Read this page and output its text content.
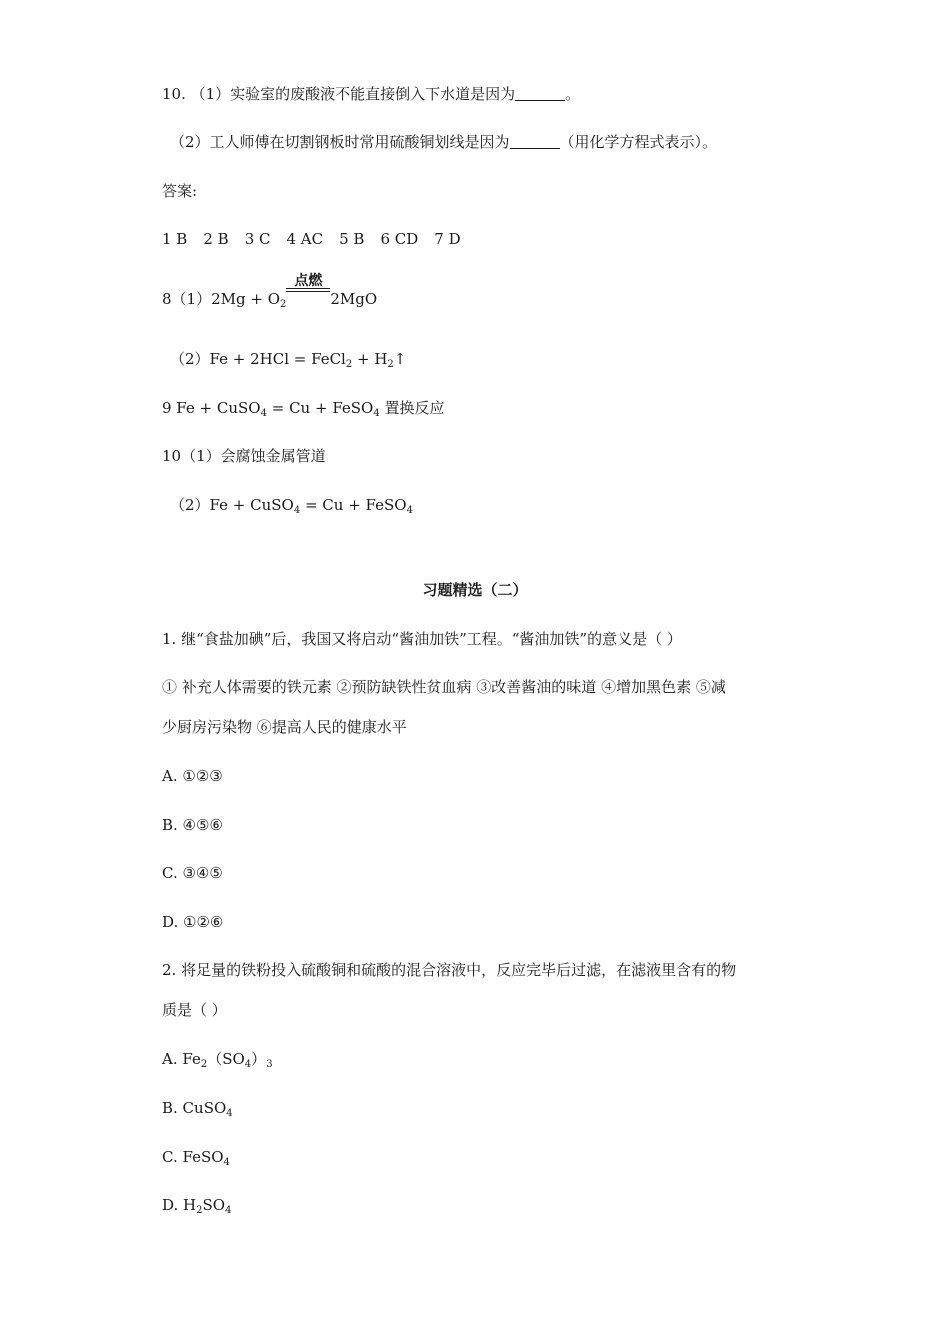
10. （1）实验室的废酸液不能直接倒入下水道是因为	。
（2）工人师傅在切割钢板时常用硫酸铜划线是因为	（用化学方程式表示）。
答案:
1 B 2 B 3 C 4 AC 5 B 6 CD 7 D
$8(1)2Mg + O_2$
点燃
2MgO
（2）Fe + 2HCl = FeCl$_2$ + $H_2↑$
9 Fe + CuSO$_4$ = Cu + FeSO$_4$ 置换反应
10（1）会腐蚀金属管道
（2）Fe + CuSO$_4$ = Cu + FeSO$_4$
习题精选（二）
1. 继“食盐加碘”后，我国又将启动“酱油加铁”工程。“酱油加铁”的意义是（ ）
① 补充人体需要的铁元素 ②预防缺铁性贫血病 ③改善酱油的味道 ④增加黑色素 ⑤减
少厨房污染物 ⑥提高人民的健康水平
A. ①②③
B. ④⑤⑥
C. ③④⑤
D. ①②⑥
2. 将足量的铁粉投入硫酸铜和硫酸的混合溶液中，反应完毕后过滤，在滤液里含有的物
质是（ ）
A. $Fe_2(SO_4)_3$
B. CuSO$_4$
C. FeSO$_4$
D. $H_2SO_4$
